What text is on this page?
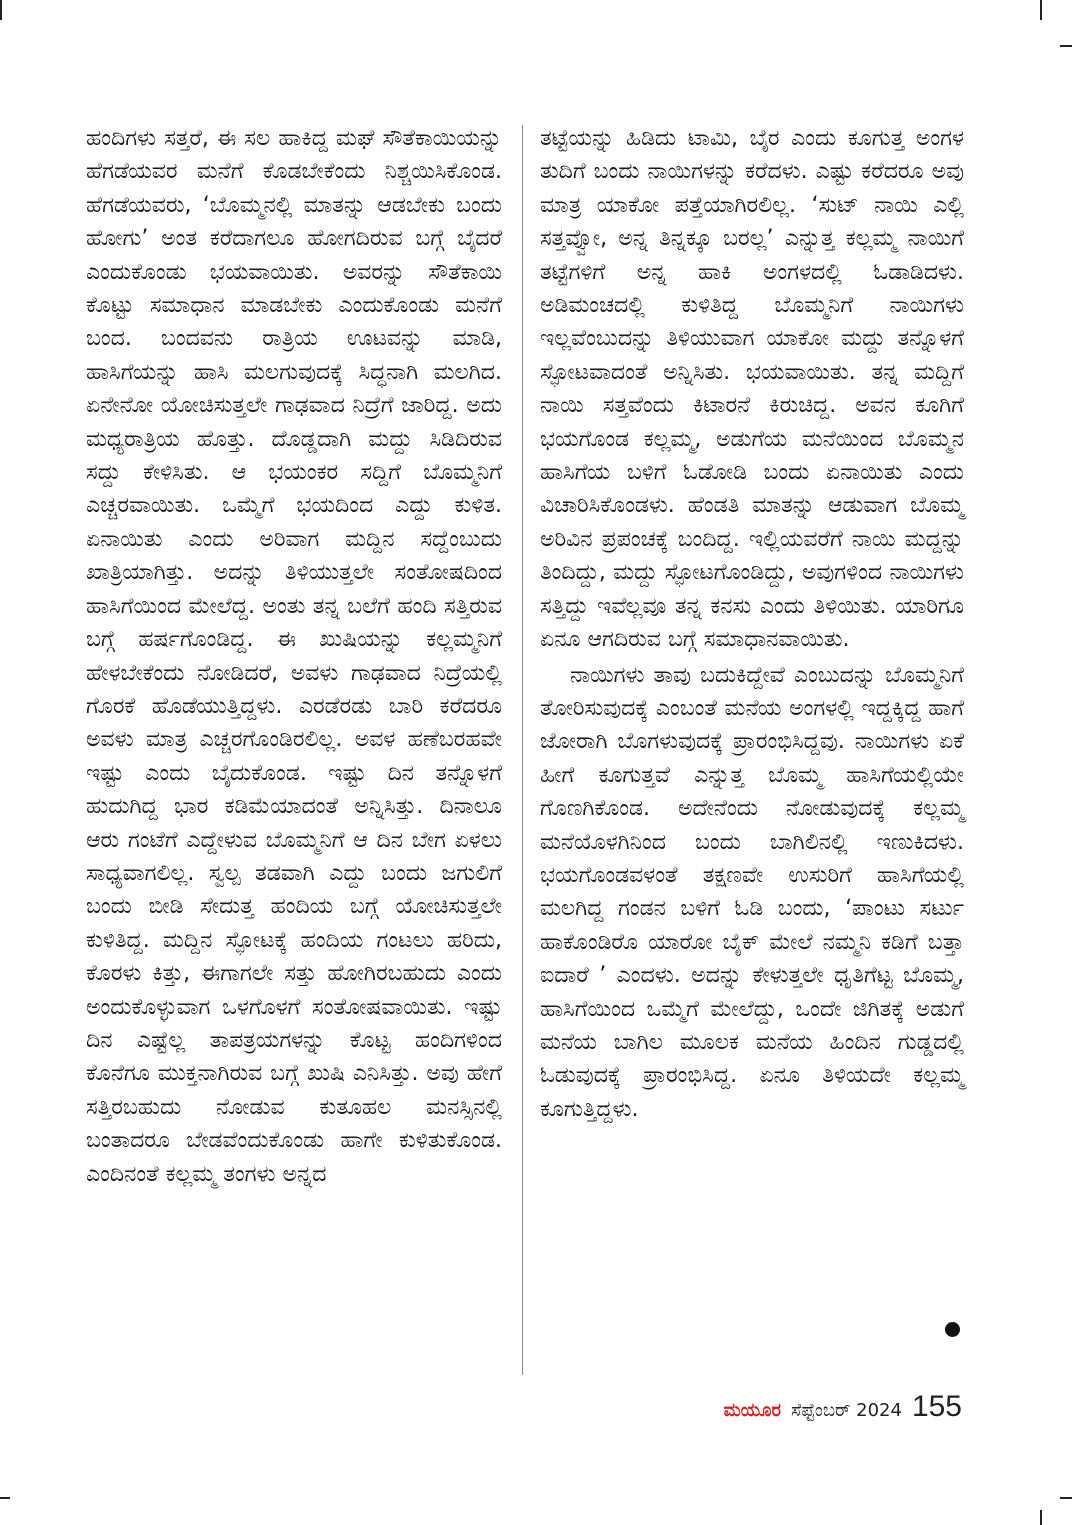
ಹಂದಿಗಳು ಸತ್ತರೆ, ಈ ಸಲ ಹಾಕಿದ್ದ ಮಘೆ ಸೌತೆಕಾಯಿಯನ್ನು ಹೆಗಡೆಯವರ ಮನೆಗೆ ಕೊಡಬೇಕೆಂದು ನಿಶ್ಚಯಿಸಿಕೊಂಡ. ಹೆಗಡೆಯವರು, ‘ಬೊಮ್ಮನಲ್ಲಿ ಮಾತನ್ನು ಆಡಬೇಕು ಬಂದು ಹೋಗು’ ಅಂತ ಕರೆದಾಗಲೂ ಹೋಗದಿರುವ ಬಗ್ಗೆ ಬೈದರೆ ಎಂದುಕೊಂಡು ಭಯವಾಯಿತು. ಅವರನ್ನು ಸೌತೆಕಾಯಿ ಕೊಟ್ಟು ಸಮಾಧಾನ ಮಾಡಬೇಕು ಎಂದುಕೊಂಡು ಮನೆಗೆ ಬಂದ. ಬಂದವನು ರಾತ್ರಿಯ ಊಟವನ್ನು ಮಾಡಿ, ಹಾಸಿಗೆಯನ್ನು ಹಾಸಿ ಮಲಗುವುದಕ್ಕೆ ಸಿದ್ಧನಾಗಿ ಮಲಗಿದ. ಏನೇನೋ ಯೋಚಿಸುತ್ತಲೇ ಗಾಢವಾದ ನಿದ್ರೆಗೆ ಜಾರಿದ್ದ. ಅದು ಮಧ್ಯರಾತ್ರಿಯ ಹೊತ್ತು. ದೊಡ್ಡದಾಗಿ ಮದ್ದು ಸಿಡಿದಿರುವ ಸದ್ದು ಕೇಳಿಸಿತು. ಆ ಭಯಂಕರ ಸದ್ದಿಗೆ ಬೊಮ್ಮನಿಗೆ ಎಚ್ಚರವಾಯಿತು. ಒಮ್ಮೆಗೆ ಭಯದಿಂದ ಎದ್ದು ಕುಳಿತ. ಏನಾಯಿತು ಎಂದು ಅರಿವಾಗ ಮದ್ದಿನ ಸದ್ದೆಂಬುದು ಖಾತ್ರಿಯಾಗಿತ್ತು. ಅದನ್ನು ತಿಳಿಯುತ್ತಲೇ ಸಂತೋಷದಿಂದ ಹಾಸಿಗೆಯಿಂದ ಮೇಲೆದ್ದ. ಅಂತು ತನ್ನ ಬಲೆಗೆ ಹಂದಿ ಸತ್ತಿರುವ ಬಗ್ಗೆ ಹರ್ಷಗೊಂಡಿದ್ದ. ಈ ಖುಷಿಯನ್ನು ಕಲ್ಲಮ್ಮನಿಗೆ ಹೇಳಬೇಕೆಂದು ನೋಡಿದರೆ, ಅವಳು ಗಾಢವಾದ ನಿದ್ರೆಯಲ್ಲಿ ಗೊರಕೆ ಹೊಡೆಯುತ್ತಿದ್ದಳು. ಎರಡೆರಡು ಬಾರಿ ಕರೆದರೂ ಅವಳು ಮಾತ್ರ ಎಚ್ಚರಗೊಂಡಿರಲಿಲ್ಲ. ಅವಳ ಹಣೆಬರಹವೇ ಇಷ್ಟು ಎಂದು ಬೈದುಕೊಂಡ. ಇಷ್ಟು ದಿನ ತನ್ನೊಳಗೆ ಹುದುಗಿದ್ದ ಭಾರ ಕಡಿಮೆಯಾದಂತೆ ಅನ್ನಿಸಿತ್ತು. ದಿನಾಲೂ ಆರು ಗಂಟೆಗೆ ಎದ್ದೇಳುವ ಬೊಮ್ಮನಿಗೆ ಆ ದಿನ ಬೇಗ ಏಳಲು ಸಾಧ್ಯವಾಗಲಿಲ್ಲ. ಸ್ವಲ್ಪ ತಡವಾಗಿ ಎದ್ದು ಬಂದು ಜಗುಲಿಗೆ ಬಂದು ಬೀಡಿ ಸೇದುತ್ತ ಹಂದಿಯ ಬಗ್ಗೆ ಯೋಚಿಸುತ್ತಲೇ ಕುಳಿತಿದ್ದ. ಮದ್ದಿನ ಸ್ಫೋಟಕ್ಕೆ ಹಂದಿಯ ಗಂಟಲು ಹರಿದು, ಕೊರಳು ಕಿತ್ತು, ಈಗಾಗಲೇ ಸತ್ತು ಹೋಗಿರಬಹುದು ಎಂದು ಅಂದುಕೊಳ್ಳುವಾಗ ಒಳಗೊಳಗೆ ಸಂತೋಷವಾಯಿತು. ಇಷ್ಟು ದಿನ ಎಷ್ಟೆಲ್ಲ ತಾಪತ್ರಯಗಳನ್ನು ಕೊಟ್ಟ ಹಂದಿಗಳಿಂದ ಕೊನೆಗೂ ಮುಕ್ತನಾಗಿರುವ ಬಗ್ಗೆ ಖುಷಿ ಎನಿಸಿತ್ತು. ಅವು ಹೇಗೆ ಸತ್ತಿರಬಹುದು ನೋಡುವ ಕುತೂಹಲ ಮನಸ್ಸಿನಲ್ಲಿ ಬಂತಾದರೂ ಬೇಡವೆಂದುಕೊಂಡು ಹಾಗೇ ಕುಳಿತುಕೊಂಡ. ಎಂದಿನಂತೆ ಕಲ್ಲಮ್ಮ ತಂಗಳು ಅನ್ನದ

ತಟ್ಟೆಯನ್ನು ಹಿಡಿದು ಟಾಮಿ, ಬೈರ ಎಂದು ಕೂಗುತ್ತ ಅಂಗಳ ತುದಿಗೆ ಬಂದು ನಾಯಿಗಳನ್ನು ಕರೆದಳು. ಎಷ್ಟು ಕರೆದರೂ ಅವು ಮಾತ್ರ ಯಾಕೋ ಪತ್ತೆಯಾಗಿರಲಿಲ್ಲ. ‘ಸುಟ್ ನಾಯಿ ಎಲ್ಲಿ ಸತ್ತವ್ವೋ, ಅನ್ನ ತಿನ್ನಕ್ಕೂ ಬರಲ್ಲ’ ಎನ್ನುತ್ತ ಕಲ್ಲಮ್ಮ ನಾಯಿಗೆ ತಟ್ಟೆಗಳಿಗೆ ಅನ್ನ ಹಾಕಿ ಅಂಗಳದಲ್ಲಿ ಓಡಾಡಿದಳು. ಅಡಿಮಂಚದಲ್ಲಿ ಕುಳಿತಿದ್ದ ಬೊಮ್ಮನಿಗೆ ನಾಯಿಗಳು ಇಲ್ಲವೆಂಬುದನ್ನು ತಿಳಿಯುವಾಗ ಯಾಕೋ ಮದ್ದು ತನ್ನೊಳಗೆ ಸ್ಫೋಟವಾದಂತೆ ಅನ್ನಿಸಿತು. ಭಯವಾಯಿತು. ತನ್ನ ಮದ್ದಿಗೆ ನಾಯಿ ಸತ್ತವೆಂದು ಕಿಟಾರನೆ ಕಿರುಚಿದ್ದ. ಅವನ ಕೂಗಿಗೆ ಭಯಗೊಂಡ ಕಲ್ಲಮ್ಮ, ಅಡುಗೆಯ ಮನೆಯಿಂದ ಬೊಮ್ಮನ ಹಾಸಿಗೆಯ ಬಳಿಗೆ ಓಡೋಡಿ ಬಂದು ಏನಾಯಿತು ಎಂದು ವಿಚಾರಿಸಿಕೊಂಡಳು. ಹೆಂಡತಿ ಮಾತನ್ನು ಆಡುವಾಗ ಬೊಮ್ಮ ಅರಿವಿನ ಪ್ರಪಂಚಕ್ಕೆ ಬಂದಿದ್ದ. ಇಲ್ಲಿಯವರೆಗೆ ನಾಯಿ ಮದ್ದನ್ನು ತಿಂದಿದ್ದು, ಮದ್ದು ಸ್ಫೋಟಗೊಂಡಿದ್ದು, ಅವುಗಳಿಂದ ನಾಯಿಗಳು ಸತ್ತಿದ್ದು ಇವೆಲ್ಲವೂ ತನ್ನ ಕನಸು ಎಂದು ತಿಳಿಯಿತು. ಯಾರಿಗೂ ಏನೂ ಆಗದಿರುವ ಬಗ್ಗೆ ಸಮಾಧಾನವಾಯಿತು.

ನಾಯಿಗಳು ತಾವು ಬದುಕಿದ್ದೇವೆ ಎಂಬುದನ್ನು ಬೊಮ್ಮನಿಗೆ ತೋರಿಸುವುದಕ್ಕೆ ಎಂಬಂತೆ ಮನೆಯ ಅಂಗಳಲ್ಲಿ ಇದ್ದಕ್ಕಿದ್ದ ಹಾಗೆ ಜೋರಾಗಿ ಬೊಗಳುವುದಕ್ಕೆ ಪ್ರಾರಂಭಿಸಿದ್ದವು. ನಾಯಿಗಳು ಏಕೆ ಹೀಗೆ ಕೂಗುತ್ತವೆ ಎನ್ನುತ್ತ ಬೊಮ್ಮ ಹಾಸಿಗೆಯಲ್ಲಿಯೇ ಗೊಣಗಿಕೊಂಡ. ಅದೇನೆಂದು ನೋಡುವುದಕ್ಕೆ ಕಲ್ಲಮ್ಮ ಮನೆಯೊಳಗಿನಿಂದ ಬಂದು ಬಾಗಿಲಿನಲ್ಲಿ ಇಣುಕಿದಳು. ಭಯಗೊಂಡವಳಂತೆ ತಕ್ಷಣವೇ ಉಸುರಿಗೆ ಹಾಸಿಗೆಯಲ್ಲಿ ಮಲಗಿದ್ದ ಗಂಡನ ಬಳಿಗೆ ಓಡಿ ಬಂದು, ‘ಪಾಂಟು ಸರ್ಟು ಹಾಕೊಂಡಿರೊ ಯಾರೋ ಬೈಕ್ ಮೇಲೆ ನಮ್ಮನಿ ಕಡಿಗೆ ಬತ್ತಾ ಐದಾರೆ ’ ಎಂದಳು. ಅದನ್ನು ಕೇಳುತ್ತಲೇ ಧೃತಿಗೆಟ್ಟ ಬೊಮ್ಮ, ಹಾಸಿಗೆಯಿಂದ ಒಮ್ಮೆಗೆ ಮೇಲೆದ್ದು, ಒಂದೇ ಜಿಗಿತಕ್ಕೆ ಅಡುಗೆ ಮನೆಯ ಬಾಗಿಲ ಮೂಲಕ ಮನೆಯ ಹಿಂದಿನ ಗುಡ್ಡದಲ್ಲಿ ಓಡುವುದಕ್ಕೆ ಪ್ರಾರಂಭಿಸಿದ್ದ. ಏನೂ ತಿಳಿಯದೇ ಕಲ್ಲಮ್ಮ ಕೂಗುತ್ತಿದ್ದಳು.

ಮಯೂರ ಸೆಪ್ಟೆಂಬರ್ 2024 155
